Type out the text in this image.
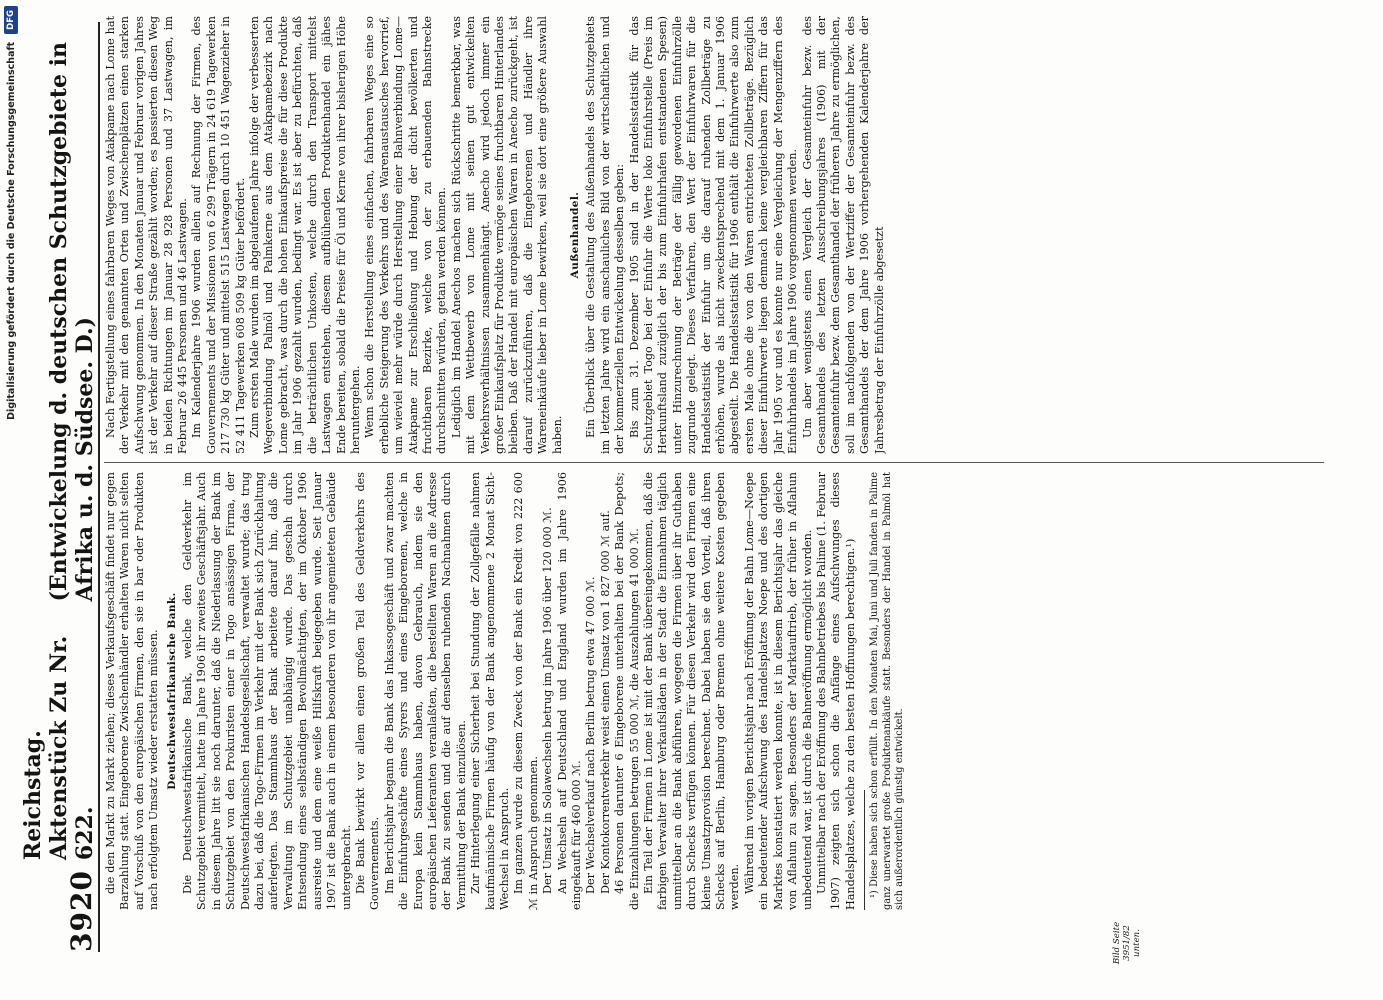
Digitalisierung gefördert durch die Deutsche Forschungsgemeinschaft
DFG
3920
Reichstag. Aktenstück Zu Nr. 622.
(Entwickelung d. deutschen Schutzgebiete in Afrika u. d. Südsee. D.)
Bild Seite 3951/82 unten.

die den Markt zu Markt ziehen; dieses Verkaufsgeschäft findet nur gegen Barzahlung statt. Eingeborene Zwischenhändler erhalten Waren nicht selten auf Vorschuß von den europäischen Firmen, den sie in bar oder Produkten nach erfolgtem Umsatz wieder erstatten müssen. Deutschwestafrikanische Bank. Die Deutschwestafrikanische Bank, welche den Geldverkehr im Schutzgebiet vermittelt, hatte im Jahre 1906 ihr zweites Geschäftsjahr. Auch in diesem Jahre litt sie noch darunter, daß die Niederlassung der Bank im Schutzgebiet von den Prokuristen einer in Togo ansässigen Firma, der Deutschwestafrikanischen Handelsgesellschaft, verwaltet wurde; das trug dazu bei, daß die Togo-Firmen im Verkehr mit der Bank sich Zurückhaltung auferlegten. Das Stammhaus der Bank arbeitete darauf hin, daß die Verwaltung im Schutzgebiet unabhängig wurde. Das geschah durch Entsendung eines selbständigen Bevollmächtigten, der im Oktober 1906 ausreiste und dem eine weiße Hilfskraft beigegeben wurde. Seit Januar 1907 ist die Bank auch in einem besonderen von ihr angemieteten Gebäude untergebracht. Die Bank bewirkt vor allem einen großen Teil des Geldverkehrs des Gouvernements. Im Berichtsjahr begann die Bank das Inkassogeschäft und zwar machten die Einfuhrgeschäfte eines Syrers und eines Eingeborenen, welche in Europa kein Stammhaus haben, davon Gebrauch, indem sie den europäischen Lieferanten veranlaßten, die bestellten Waren an die Adresse der Bank zu senden und die auf denselben ruhenden Nachnahmen durch Vermittlung der Bank einzulösen. Zur Hinterlegung einer Sicherheit bei Stundung der Zollgefälle nahmen kaufmännische Firmen häufig von der Bank angenommene 2 Monat Sicht-Wechsel in Anspruch. Im ganzen wurde zu diesem Zweck von der Bank ein Kredit von 222 600 ℳ in Anspruch genommen. Der Umsatz in Solawechseln betrug im Jahre 1906 über 120 000 ℳ. An Wechseln auf Deutschland und England wurden im Jahre 1906 eingekauft für 460 000 ℳ. Der Wechselverkauf nach Berlin betrug etwa 47 000 ℳ. Der Kontokorrentverkehr weist einen Umsatz von 1 827 000 ℳ auf. 46 Personen darunter 6 Eingeborene unterhalten bei der Bank Depots; die Einzahlungen betrugen 55 000 ℳ, die Auszahlungen 41 000 ℳ. Ein Teil der Firmen in Lome ist mit der Bank übereingekommen, daß die farbigen Verwalter ihrer Verkaufsläden in der Stadt die Einnahmen täglich unmittelbar an die Bank abführen, wogegen die Firmen über ihr Guthaben durch Schecks verfügen können. Für diesen Verkehr wird den Firmen eine kleine Umsatzprovision berechnet. Dabei haben sie den Vorteil, daß ihren Schecks auf Berlin, Hamburg oder Bremen ohne weitere Kosten gegeben werden. Während im vorigen Berichtsjahr nach Eröffnung der Bahn Lome—Noepe ein bedeutender Aufschwung des Handelsplatzes Noepe und des dortigen Marktes konstatiert werden konnte, ist in diesem Berichtsjahr das gleiche von Aflahun zu sagen. Besonders der Marktauftrieb, der früher in Aflahun unbedeutend war, ist durch die Bahneröffnung ermöglicht worden. Unmittelbar nach der Eröffnung des Bahnbetriebes bis Palime (1. Februar 1907) zeigten sich schon die Anfänge eines Aufschwunges dieses Handelsplatzes, welche zu den besten Hoffnungen berechtigen.¹) ¹) Diese haben sich schon erfüllt. In den Monaten Mai, Juni und Juli fanden in Palime ganz unerwartet große Produktenankäufe statt. Besonders der Handel in Palmöl hat sich außerordentlich günstig entwickelt.

Nach Fertigstellung eines fahrbaren Weges von Atakpame nach Lome hat der Verkehr mit den genannten Orten und Zwischenplätzen einen starken Aufschwung genommen. In den Monaten Januar und Februar vorigen Jahres ist der Verkehr auf dieser Straße gezählt worden; es passierten diesen Weg in beiden Richtungen im Januar 28 928 Personen und 37 Lastwagen, im Februar 26 445 Personen und 46 Lastwagen. Im Kalenderjahre 1906 wurden allein auf Rechnung der Firmen, des Gouvernements und der Missionen von 6 299 Trägern in 24 619 Tagewerken 217 730 kg Güter und mittelst 515 Lastwagen durch 10 451 Wagenzieher in 52 411 Tagewerken 608 509 kg Güter befördert. Zum ersten Male wurden im abgelaufenen Jahre infolge der verbesserten Wegeverbindung Palmöl und Palmkerne aus dem Atakpamebezirk nach Lome gebracht, was durch die hohen Einkaufspreise die für diese Produkte im Jahr 1906 gezahlt wurden, bedingt war. Es ist aber zu befürchten, daß die beträchtlichen Unkosten, welche durch den Transport mittelst Lastwagen entstehen, diesem aufblühenden Produktenhandel ein jähes Ende bereiten, sobald die Preise für Öl und Kerne von ihrer bisherigen Höhe heruntergehen. Wenn schon die Herstellung eines einfachen, fahrbaren Weges eine so erhebliche Steigerung des Verkehrs und des Warenaustausches hervorrief, um wieviel mehr würde durch Herstellung einer Bahnverbindung Lome—Atakpame zur Erschließung und Hebung der dicht bevölkerten und fruchtbaren Bezirke, welche von der zu erbauenden Bahnstrecke durchschnitten würden, getan werden können. Lediglich im Handel Anechos machen sich Rückschritte bemerkbar, was mit dem Wettbewerb von Lome mit seinen gut entwickelten Verkehrsverhältnissen zusammenhängt. Anecho wird jedoch immer ein großer Einkaufsplatz für Produkte vermöge seines fruchtbaren Hinterlandes bleiben. Daß der Handel mit europäischen Waren in Anecho zurückgeht, ist darauf zurückzuführen, daß die Eingeborenen und Händler ihre Wareneinkäufe lieber in Lome bewirken, weil sie dort eine größere Auswahl haben.

Außenhandel. Ein Überblick über die Gestaltung des Außenhandels des Schutzgebiets im letzten Jahre wird ein anschauliches Bild von der wirtschaftlichen und der kommerziellen Entwickelung desselben geben: Bis zum 31. Dezember 1905 sind in der Handelsstatistik für das Schutzgebiet Togo bei der Einfuhr die Werte loko Einfuhrstelle (Preis im Herkunftsland zuzüglich der bis zum Einfuhrhafen entstandenen Spesen) unter Hinzurechnung der Beträge der fällig gewordenen Einfuhrzölle zugrunde gelegt. Dieses Verfahren, den Wert der Einfuhrwaren für die Handelsstatistik der Einfuhr um die darauf ruhenden Zollbeträge zu erhöhen, wurde als nicht zweckentsprechend mit dem 1. Januar 1906 abgestellt. Die Handelsstatistik für 1906 enthält die Einfuhrwerte also zum ersten Male ohne die von den Waren entrichteten Zollbeträge. Bezüglich dieser Einfuhrwerte liegen demnach keine vergleichbaren Ziffern für das Jahr 1905 vor und es konnte nur eine Vergleichung der Mengenziffern des Einfuhrhandels im Jahre 1906 vorgenommen werden. Um aber wenigstens einen Vergleich der Gesamteinfuhr bezw. des Gesamthandels des letzten Ausschreibungsjahres (1906) mit der Gesamteinfuhr bezw. dem Gesamthandel der früheren Jahre zu ermöglichen, soll im nachfolgenden von der Wertziffer der Gesamteinfuhr bezw. des Gesamthandels der dem Jahre 1906 vorhergehenden Kalenderjahre der Jahresbetrag der Einfuhrzölle abgesetzt
